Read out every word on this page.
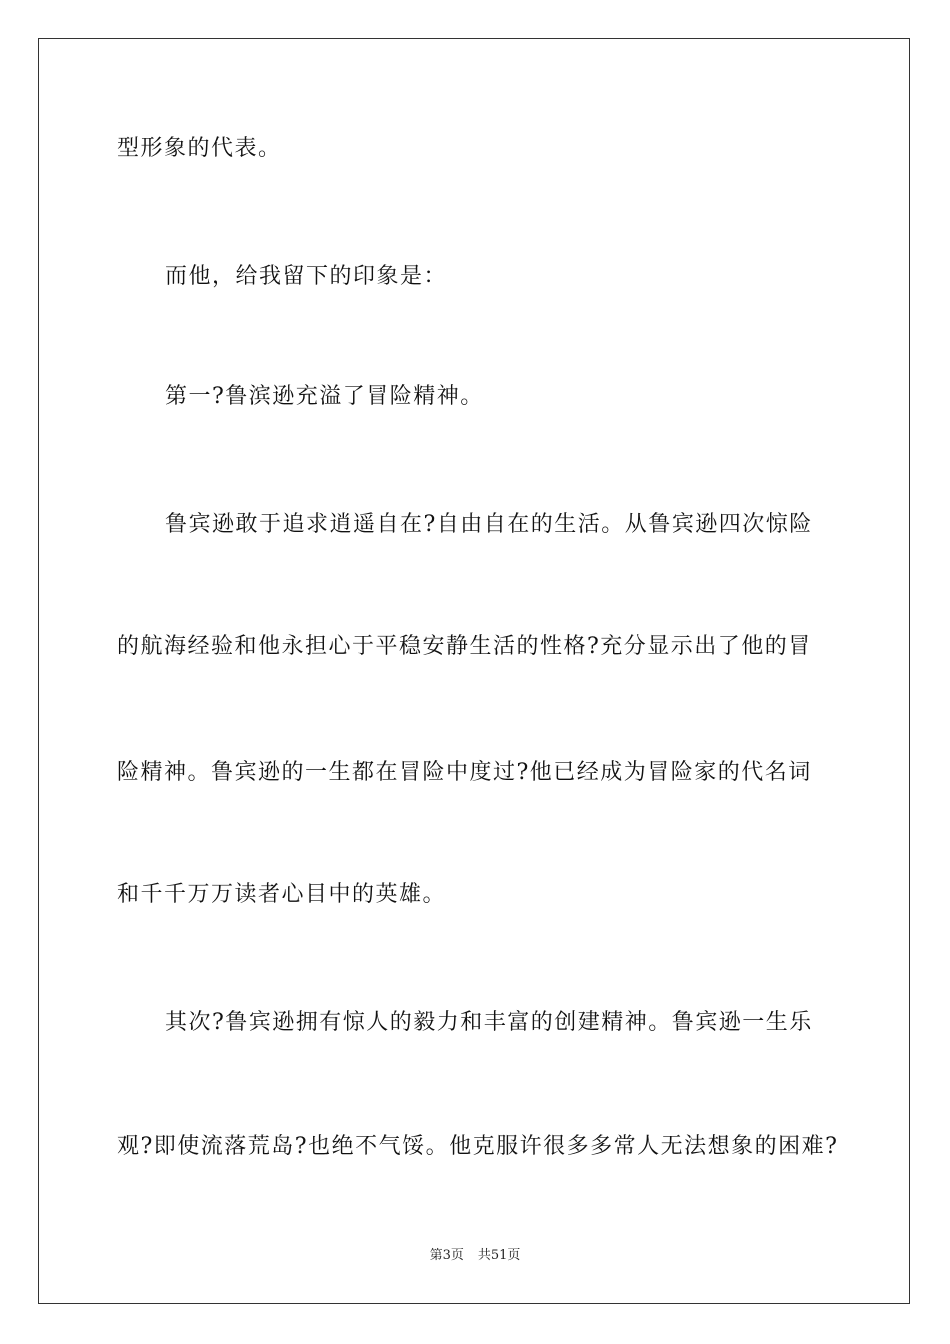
型形象的代表。
而他，给我留下的印象是：
第一?鲁滨逊充溢了冒险精神。
鲁宾逊敢于追求逍遥自在?自由自在的生活。从鲁宾逊四次惊险
的航海经验和他永担心于平稳安静生活的性格?充分显示出了他的冒
险精神。鲁宾逊的一生都在冒险中度过?他已经成为冒险家的代名词
和千千万万读者心目中的英雄。
其次?鲁宾逊拥有惊人的毅力和丰富的创建精神。鲁宾逊一生乐
观?即使流落荒岛?也绝不气馁。他克服许很多多常人无法想象的困难?
第3页 共51页
